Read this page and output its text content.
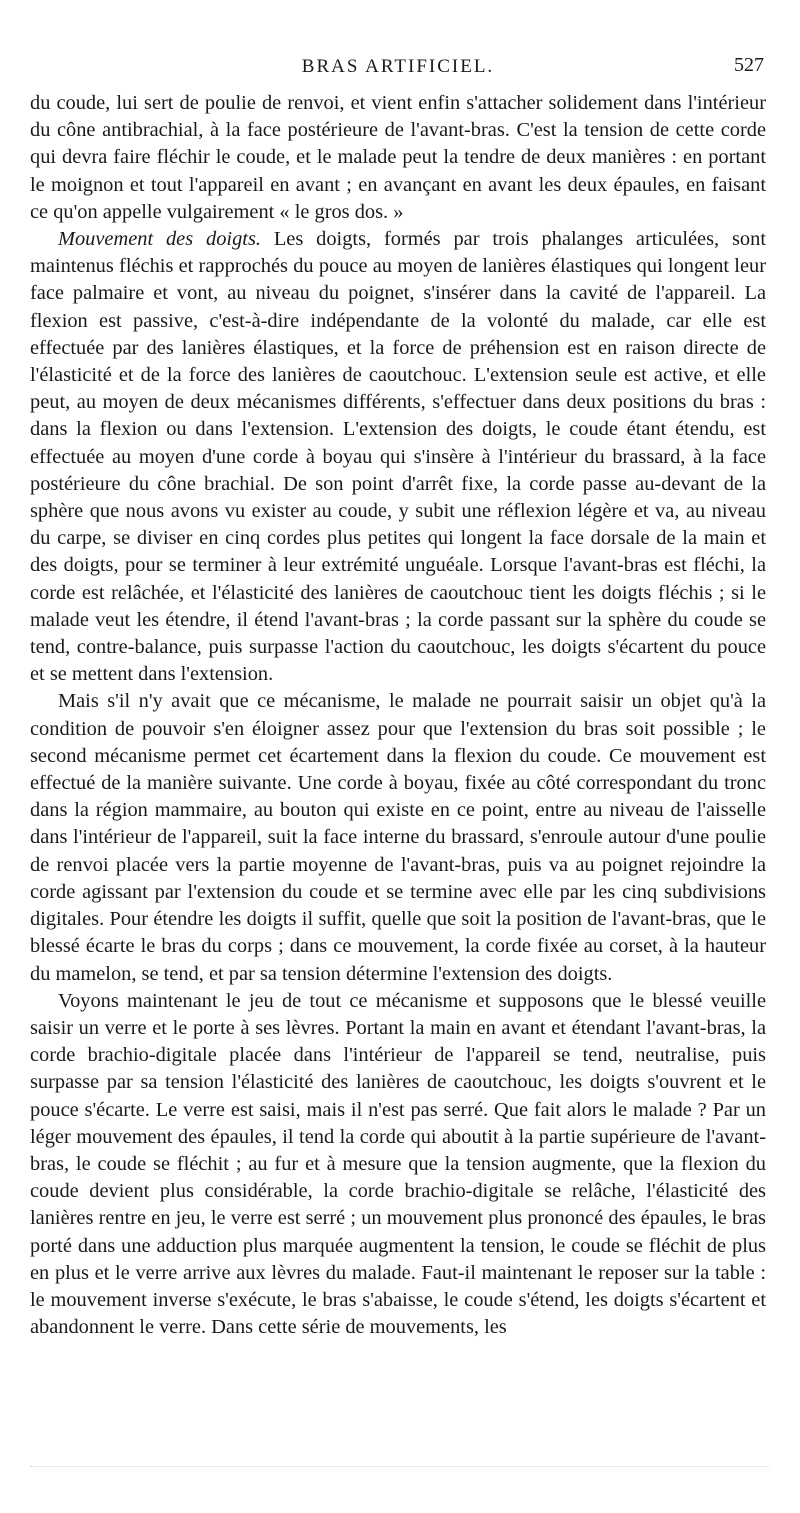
BRAS ARTIFICIEL.	527

du coude, lui sert de poulie de renvoi, et vient enfin s'attacher solidement dans l'intérieur du cône antibrachial, à la face postérieure de l'avant-bras. C'est la tension de cette corde qui devra faire fléchir le coude, et le malade peut la tendre de deux manières : en portant le moignon et tout l'appareil en avant ; en avançant en avant les deux épaules, en faisant ce qu'on appelle vulgairement « le gros dos. »

Mouvement des doigts. Les doigts, formés par trois phalanges articulées, sont maintenus fléchis et rapprochés du pouce au moyen de lanières élastiques qui longent leur face palmaire et vont, au niveau du poignet, s'insérer dans la cavité de l'appareil. La flexion est passive, c'est-à-dire indépendante de la volonté du malade, car elle est effectuée par des lanières élastiques, et la force de préhension est en raison directe de l'élasticité et de la force des lanières de caoutchouc. L'extension seule est active, et elle peut, au moyen de deux mécanismes différents, s'effectuer dans deux positions du bras : dans la flexion ou dans l'extension. L'extension des doigts, le coude étant étendu, est effectuée au moyen d'une corde à boyau qui s'insère à l'intérieur du brassard, à la face postérieure du cône brachial. De son point d'arrêt fixe, la corde passe au-devant de la sphère que nous avons vu exister au coude, y subit une réflexion légère et va, au niveau du carpe, se diviser en cinq cordes plus petites qui longent la face dorsale de la main et des doigts, pour se terminer à leur extrémité unguéale. Lorsque l'avant-bras est fléchi, la corde est relâchée, et l'élasticité des lanières de caoutchouc tient les doigts fléchis ; si le malade veut les étendre, il étend l'avant-bras ; la corde passant sur la sphère du coude se tend, contre-balance, puis surpasse l'action du caoutchouc, les doigts s'écartent du pouce et se mettent dans l'extension.

Mais s'il n'y avait que ce mécanisme, le malade ne pourrait saisir un objet qu'à la condition de pouvoir s'en éloigner assez pour que l'extension du bras soit possible ; le second mécanisme permet cet écartement dans la flexion du coude. Ce mouvement est effectué de la manière suivante. Une corde à boyau, fixée au côté correspondant du tronc dans la région mammaire, au bouton qui existe en ce point, entre au niveau de l'aisselle dans l'intérieur de l'appareil, suit la face interne du brassard, s'enroule autour d'une poulie de renvoi placée vers la partie moyenne de l'avant-bras, puis va au poignet rejoindre la corde agissant par l'extension du coude et se termine avec elle par les cinq subdivisions digitales. Pour étendre les doigts il suffit, quelle que soit la position de l'avant-bras, que le blessé écarte le bras du corps ; dans ce mouvement, la corde fixée au corset, à la hauteur du mamelon, se tend, et par sa tension détermine l'extension des doigts.

Voyons maintenant le jeu de tout ce mécanisme et supposons que le blessé veuille saisir un verre et le porte à ses lèvres. Portant la main en avant et étendant l'avant-bras, la corde brachio-digitale placée dans l'intérieur de l'appareil se tend, neutralise, puis surpasse par sa tension l'élasticité des lanières de caoutchouc, les doigts s'ouvrent et le pouce s'écarte. Le verre est saisi, mais il n'est pas serré. Que fait alors le malade ? Par un léger mouvement des épaules, il tend la corde qui aboutit à la partie supérieure de l'avant-bras, le coude se fléchit ; au fur et à mesure que la tension augmente, que la flexion du coude devient plus considérable, la corde brachio-digitale se relâche, l'élasticité des lanières rentre en jeu, le verre est serré ; un mouvement plus prononcé des épaules, le bras porté dans une adduction plus marquée augmentent la tension, le coude se fléchit de plus en plus et le verre arrive aux lèvres du malade. Faut-il maintenant le reposer sur la table : le mouvement inverse s'exécute, le bras s'abaisse, le coude s'étend, les doigts s'écartent et abandonnent le verre. Dans cette série de mouvements, les
